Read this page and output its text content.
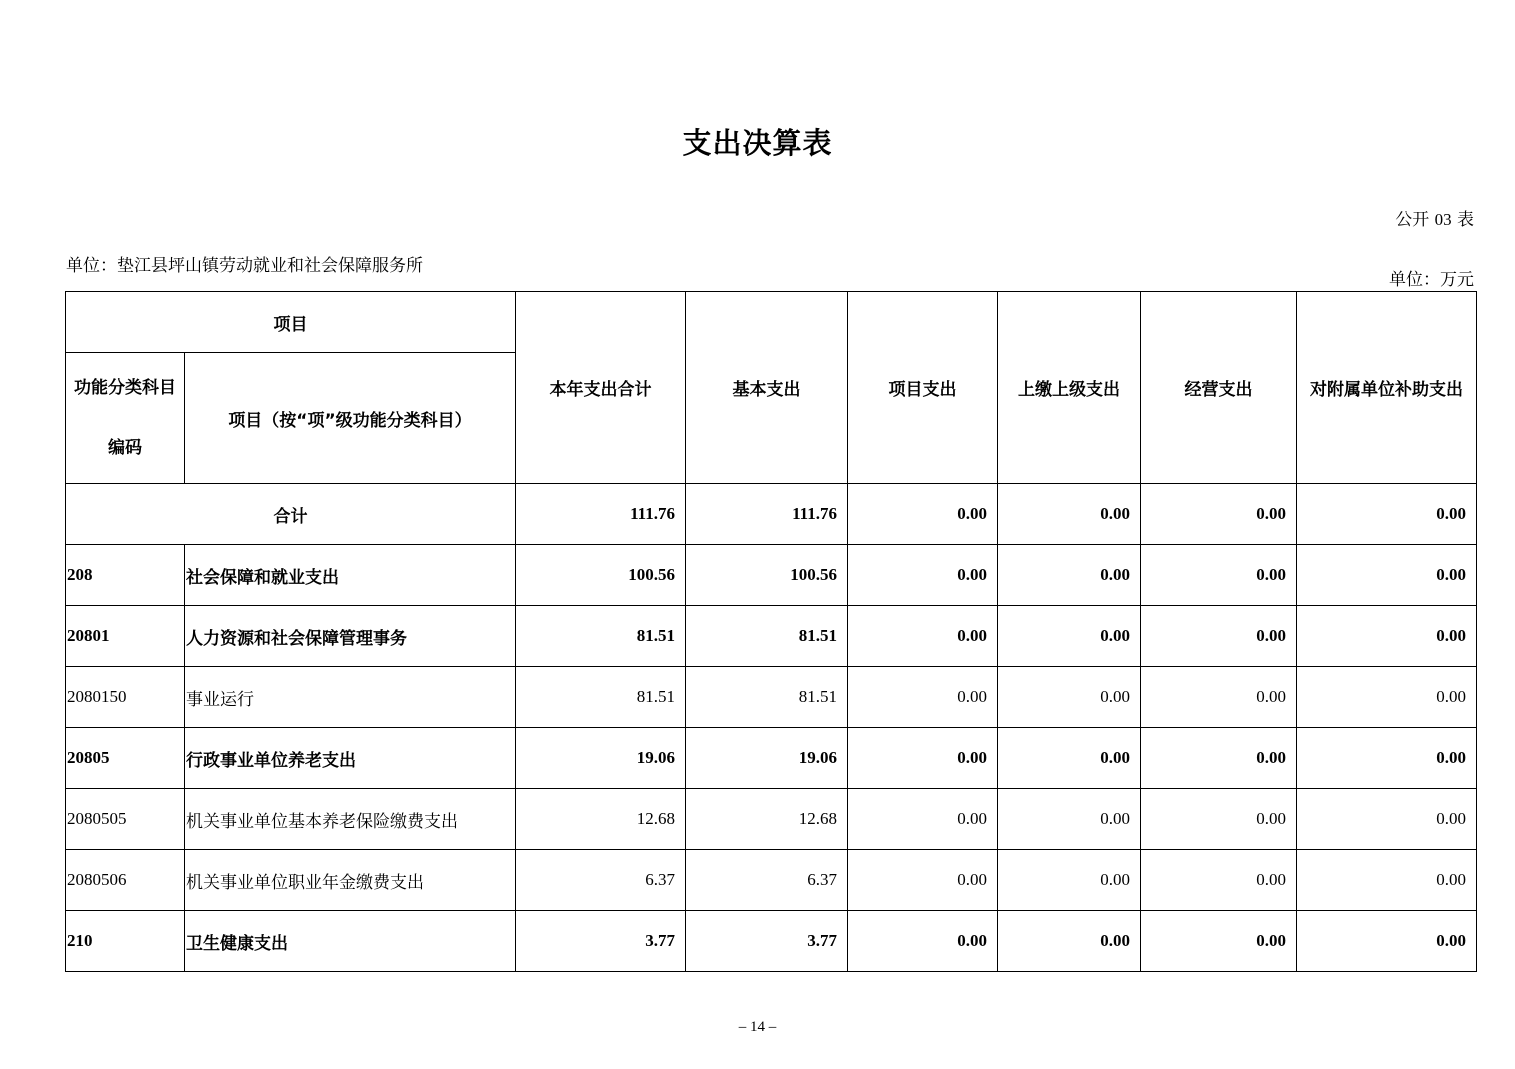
支出决算表
公开 03 表
单位：垫江县坪山镇劳动就业和社会保障服务所
单位：万元
项目		本年支出合计	基本支出	项目支出	上缴上级支出	经营支出	对附属单位补助支出

功能分类科目
编码	项目（按“项”级功能分类科目）						
合计		111.76	111.76	0.00	0.00	0.00	0.00
208	社会保障和就业支出	100.56	100.56	0.00	0.00	0.00	0.00
20801	人力资源和社会保障管理事务	81.51	81.51	0.00	0.00	0.00	0.00
2080150	事业运行	81.51	81.51	0.00	0.00	0.00	0.00
20805	行政事业单位养老支出	19.06	19.06	0.00	0.00	0.00	0.00
2080505	机关事业单位基本养老保险缴费支出	12.68	12.68	0.00	0.00	0.00	0.00
2080506	机关事业单位职业年金缴费支出	6.37	6.37	0.00	0.00	0.00	0.00
210	卫生健康支出	3.77	3.77	0.00	0.00	0.00	0.00
– 14 –
